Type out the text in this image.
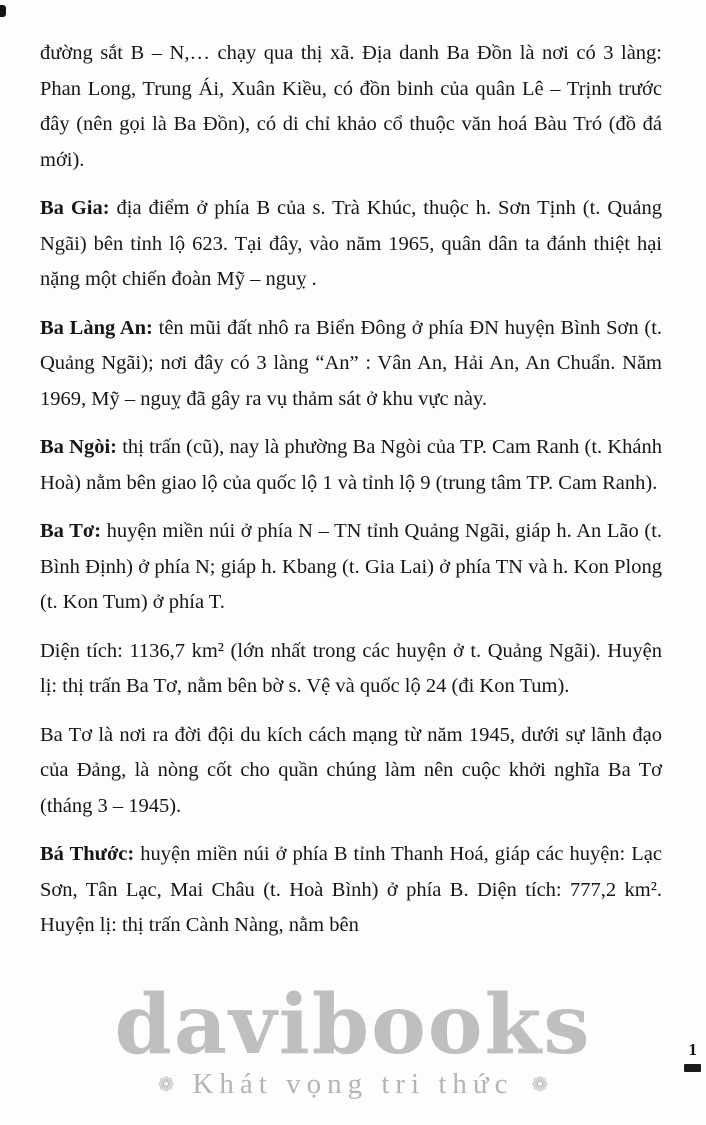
đường sắt B – N,… chạy qua thị xã. Địa danh Ba Đồn là nơi có 3 làng: Phan Long, Trung Ái, Xuân Kiều, có đồn binh của quân Lê – Trịnh trước đây (nên gọi là Ba Đồn), có di chỉ khảo cổ thuộc văn hoá Bàu Tró (đồ đá mới).

Ba Gia: địa điểm ở phía B của s. Trà Khúc, thuộc h. Sơn Tịnh (t. Quảng Ngãi) bên tỉnh lộ 623. Tại đây, vào năm 1965, quân dân ta đánh thiệt hại nặng một chiến đoàn Mỹ – nguỵ .

Ba Làng An: tên mũi đất nhô ra Biển Đông ở phía ĐN huyện Bình Sơn (t. Quảng Ngãi); nơi đây có 3 làng “An” : Vân An, Hải An, An Chuẩn. Năm 1969, Mỹ – nguỵ đã gây ra vụ thảm sát ở khu vực này.

Ba Ngòi: thị trấn (cũ), nay là phường Ba Ngòi của TP. Cam Ranh (t. Khánh Hoà) nằm bên giao lộ của quốc lộ 1 và tỉnh lộ 9 (trung tâm TP. Cam Ranh).

Ba Tơ: huyện miền núi ở phía N – TN tỉnh Quảng Ngãi, giáp h. An Lão (t. Bình Định) ở phía N; giáp h. Kbang (t. Gia Lai) ở phía TN và h. Kon Plong (t. Kon Tum) ở phía T.

Diện tích: 1136,7 km² (lớn nhất trong các huyện ở t. Quảng Ngãi). Huyện lị: thị trấn Ba Tơ, nằm bên bờ s. Vệ và quốc lộ 24 (đi Kon Tum).

Ba Tơ là nơi ra đời đội du kích cách mạng từ năm 1945, dưới sự lãnh đạo của Đảng, là nòng cốt cho quần chúng làm nên cuộc khởi nghĩa Ba Tơ (tháng 3 – 1945).

Bá Thước: huyện miền núi ở phía B tỉnh Thanh Hoá, giáp các huyện: Lạc Sơn, Tân Lạc, Mai Châu (t. Hoà Bình) ở phía B. Diện tích: 777,2 km². Huyện lị: thị trấn Cành Nàng, nằm bên

davibooks
❁ Khát vọng tri thức ❁
1
